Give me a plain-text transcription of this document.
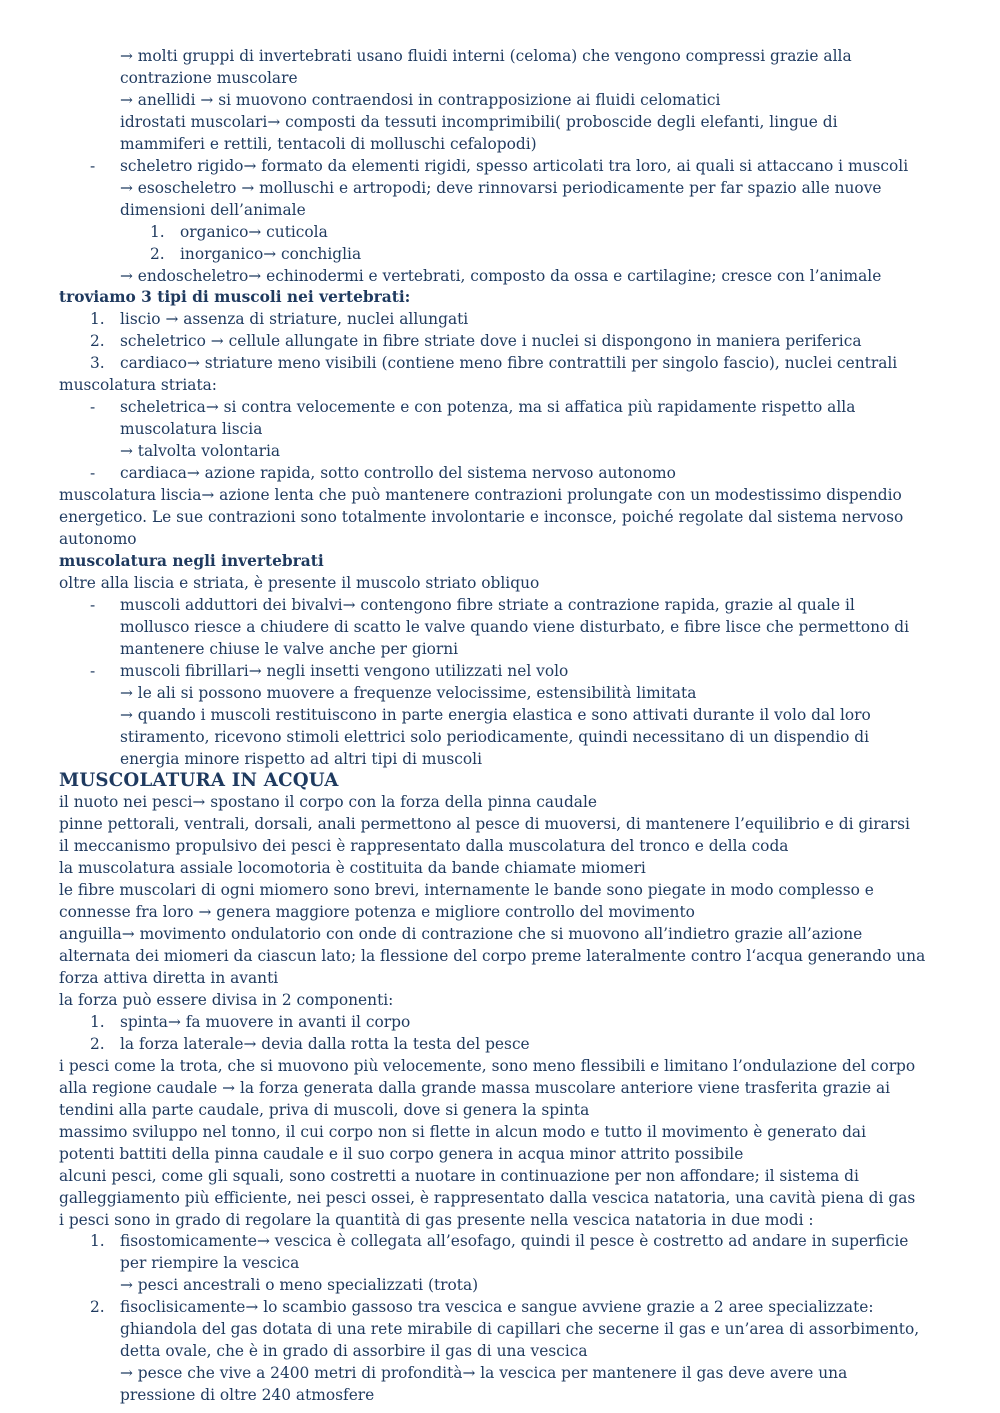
→ molti gruppi di invertebrati usano fluidi interni (celoma) che vengono compressi grazie alla
contrazione muscolare
→ anellidi → si muovono contraendosi in contrapposizione ai fluidi celomatici
idrostati muscolari→ composti da tessuti incomprimibili( proboscide degli elefanti, lingue di
mammiferi e rettili, tentacoli di molluschi cefalopodi)
- scheletro rigido→ formato da elementi rigidi, spesso articolati tra loro, ai quali si attaccano i muscoli
→ esoscheletro → molluschi e artropodi; deve rinnovarsi periodicamente per far spazio alle nuove
dimensioni dell’animale
1. organico→ cuticola
2. inorganico→ conchiglia
→ endoscheletro→ echinodermi e vertebrati, composto da ossa e cartilagine; cresce con l’animale
troviamo 3 tipi di muscoli nei vertebrati:
1. liscio → assenza di striature, nuclei allungati
2. scheletrico → cellule allungate in fibre striate dove i nuclei si dispongono in maniera periferica
3. cardiaco→ striature meno visibili (contiene meno fibre contrattili per singolo fascio), nuclei centrali
muscolatura striata:
- scheletrica→ si contra velocemente e con potenza, ma si affatica più rapidamente rispetto alla
muscolatura liscia
→ talvolta volontaria
- cardiaca→ azione rapida, sotto controllo del sistema nervoso autonomo
muscolatura liscia→ azione lenta che può mantenere contrazioni prolungate con un modestissimo dispendio
energetico. Le sue contrazioni sono totalmente involontarie e inconsce, poiché regolate dal sistema nervoso
autonomo
muscolatura negli invertebrati
oltre alla liscia e striata, è presente il muscolo striato obliquo
- muscoli adduttori dei bivalvi→ contengono fibre striate a contrazione rapida, grazie al quale il
mollusco riesce a chiudere di scatto le valve quando viene disturbato, e fibre lisce che permettono di
mantenere chiuse le valve anche per giorni
- muscoli fibrillari→ negli insetti vengono utilizzati nel volo
→ le ali si possono muovere a frequenze velocissime, estensibilità limitata
→ quando i muscoli restituiscono in parte energia elastica e sono attivati durante il volo dal loro
stiramento, ricevono stimoli elettrici solo periodicamente, quindi necessitano di un dispendio di
energia minore rispetto ad altri tipi di muscoli
MUSCOLATURA IN ACQUA
il nuoto nei pesci→ spostano il corpo con la forza della pinna caudale
pinne pettorali, ventrali, dorsali, anali permettono al pesce di muoversi, di mantenere l’equilibrio e di girarsi
il meccanismo propulsivo dei pesci è rappresentato dalla muscolatura del tronco e della coda
la muscolatura assiale locomotoria è costituita da bande chiamate miomeri
le fibre muscolari di ogni miomero sono brevi, internamente le bande sono piegate in modo complesso e
connesse fra loro → genera maggiore potenza e migliore controllo del movimento
anguilla→ movimento ondulatorio con onde di contrazione che si muovono all’indietro grazie all’azione
alternata dei miomeri da ciascun lato; la flessione del corpo preme lateralmente contro l‘acqua generando una
forza attiva diretta in avanti
la forza può essere divisa in 2 componenti:
1. spinta→ fa muovere in avanti il corpo
2. la forza laterale→ devia dalla rotta la testa del pesce
i pesci come la trota, che si muovono più velocemente, sono meno flessibili e limitano l’ondulazione del corpo
alla regione caudale → la forza generata dalla grande massa muscolare anteriore viene trasferita grazie ai
tendini alla parte caudale, priva di muscoli, dove si genera la spinta
massimo sviluppo nel tonno, il cui corpo non si flette in alcun modo e tutto il movimento è generato dai
potenti battiti della pinna caudale e il suo corpo genera in acqua minor attrito possibile
alcuni pesci, come gli squali, sono costretti a nuotare in continuazione per non affondare; il sistema di
galleggiamento più efficiente, nei pesci ossei, è rappresentato dalla vescica natatoria, una cavità piena di gas
i pesci sono in grado di regolare la quantità di gas presente nella vescica natatoria in due modi :
1. fisostomicamente→ vescica è collegata all’esofago, quindi il pesce è costretto ad andare in superficie
per riempire la vescica
→ pesci ancestrali o meno specializzati (trota)
2. fisoclisicamente→ lo scambio gassoso tra vescica e sangue avviene grazie a 2 aree specializzate:
ghiandola del gas dotata di una rete mirabile di capillari che secerne il gas e un’area di assorbimento,
detta ovale, che è in grado di assorbire il gas di una vescica
→ pesce che vive a 2400 metri di profondità→ la vescica per mantenere il gas deve avere una
pressione di oltre 240 atmosfere
